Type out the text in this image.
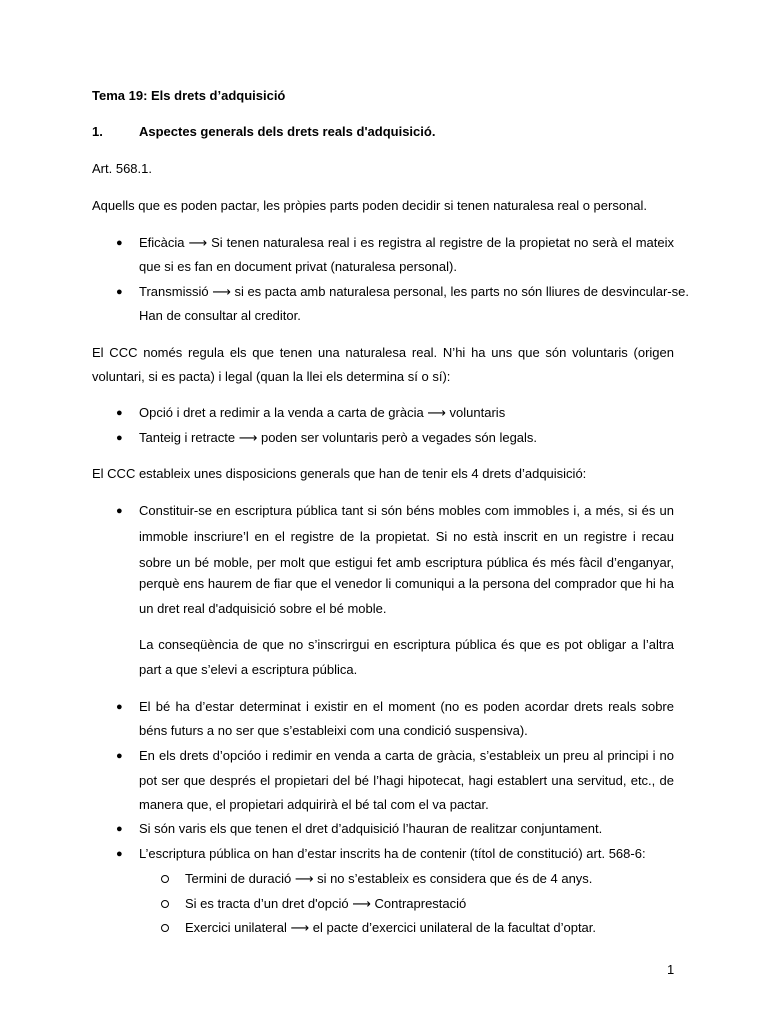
Tema 19: Els drets d’adquisició
1.	Aspectes generals dels drets reals d'adquisició.
Art. 568.1.
Aquells que es poden pactar, les pròpies parts poden decidir si tenen naturalesa real o personal.
● Eficàcia ⟶ Si tenen naturalesa real i es registra al registre de la propietat no serà el mateix
que si es fan en document privat (naturalesa personal).
● Transmissió ⟶ si es pacta amb naturalesa personal, les parts no són lliures de desvincular-se.
Han de consultar al creditor.
El CCC només regula els que tenen una naturalesa real. N’hi ha uns que són voluntaris (origen
voluntari, si es pacta) i legal (quan la llei els determina sí o sí):
● Opció i dret a redimir a la venda a carta de gràcia ⟶ voluntaris
● Tanteig i retracte ⟶ poden ser voluntaris però a vegades són legals.
El CCC estableix unes disposicions generals que han de tenir els 4 drets d’adquisició:
● Constituir-se en escriptura pública tant si són béns mobles com immobles i, a més, si és un
immoble inscriure’l en el registre de la propietat. Si no està inscrit en un registre i recau
sobre un bé moble, per molt que estigui fet amb escriptura pública és més fàcil d’enganyar,
perquè ens haurem de fiar que el venedor li comuniqui a la persona del comprador que hi ha
un dret real d'adquisició sobre el bé moble.
La conseqüència de que no s’inscrirgui en escriptura pública és que es pot obligar a l’altra
part a que s’elevi a escriptura pública.
● El bé ha d’estar determinat i existir en el moment (no es poden acordar drets reals sobre
béns futurs a no ser que s’estableixi com una condició suspensiva).
● En els drets d’opcióo i redimir en venda a carta de gràcia, s’estableix un preu al principi i no
pot ser que després el propietari del bé l’hagi hipotecat, hagi establert una servitud, etc., de
manera que, el propietari adquirirà el bé tal com el va pactar.
● Si són varis els que tenen el dret d’adquisició l’hauran de realitzar conjuntament.
● L’escriptura pública on han d’estar inscrits ha de contenir (títol de constitució) art. 568-6:
Termini de duració ⟶ si no s’estableix es considera que és de 4 anys.
Si es tracta d’un dret d'opció ⟶ Contraprestació
Exercici unilateral ⟶ el pacte d’exercici unilateral de la facultat d’optar.
1
